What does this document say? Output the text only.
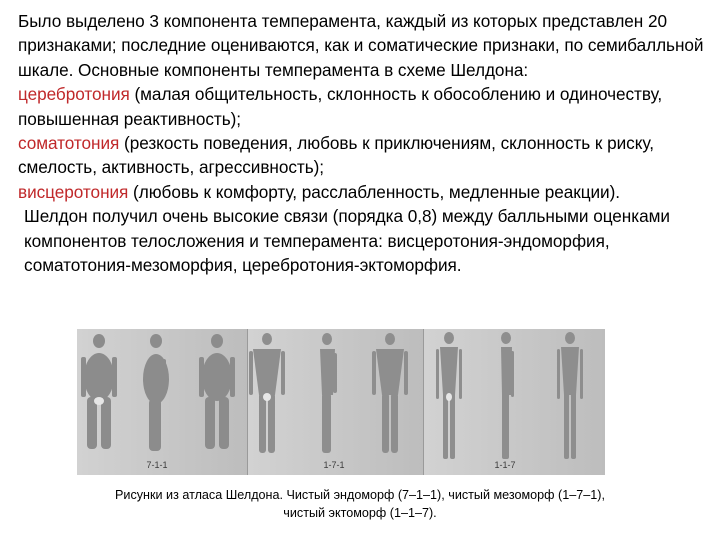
Было выделено 3 компонента темперамента, каждый из которых представлен 20 признаками; последние оцениваются, как и соматические признаки, по семибалльной шкале. Основные компоненты темперамента в схеме Шелдона:

церебротония (малая общительность, склонность к обособлению и одиночеству, повышенная реактивность);

соматотония (резкость поведения, любовь к приключениям, склонность к риску, смелость, активность, агрессивность);

висцеротония (любовь к комфорту, расслабленность, медленные реакции).

Шелдон получил очень высокие связи (порядка 0,8) между балльными оценками компонентов телосложения и темперамента: висцеротония-эндоморфия, соматотония-мезоморфия, церебротония-эктоморфия.

7-1-1	1-7-1	1-1-7
Рисунки из атласа Шелдона. Чистый эндоморф (7–1–1), чистый мезоморф (1–7–1),
чистый эктоморф (1–1–7).
